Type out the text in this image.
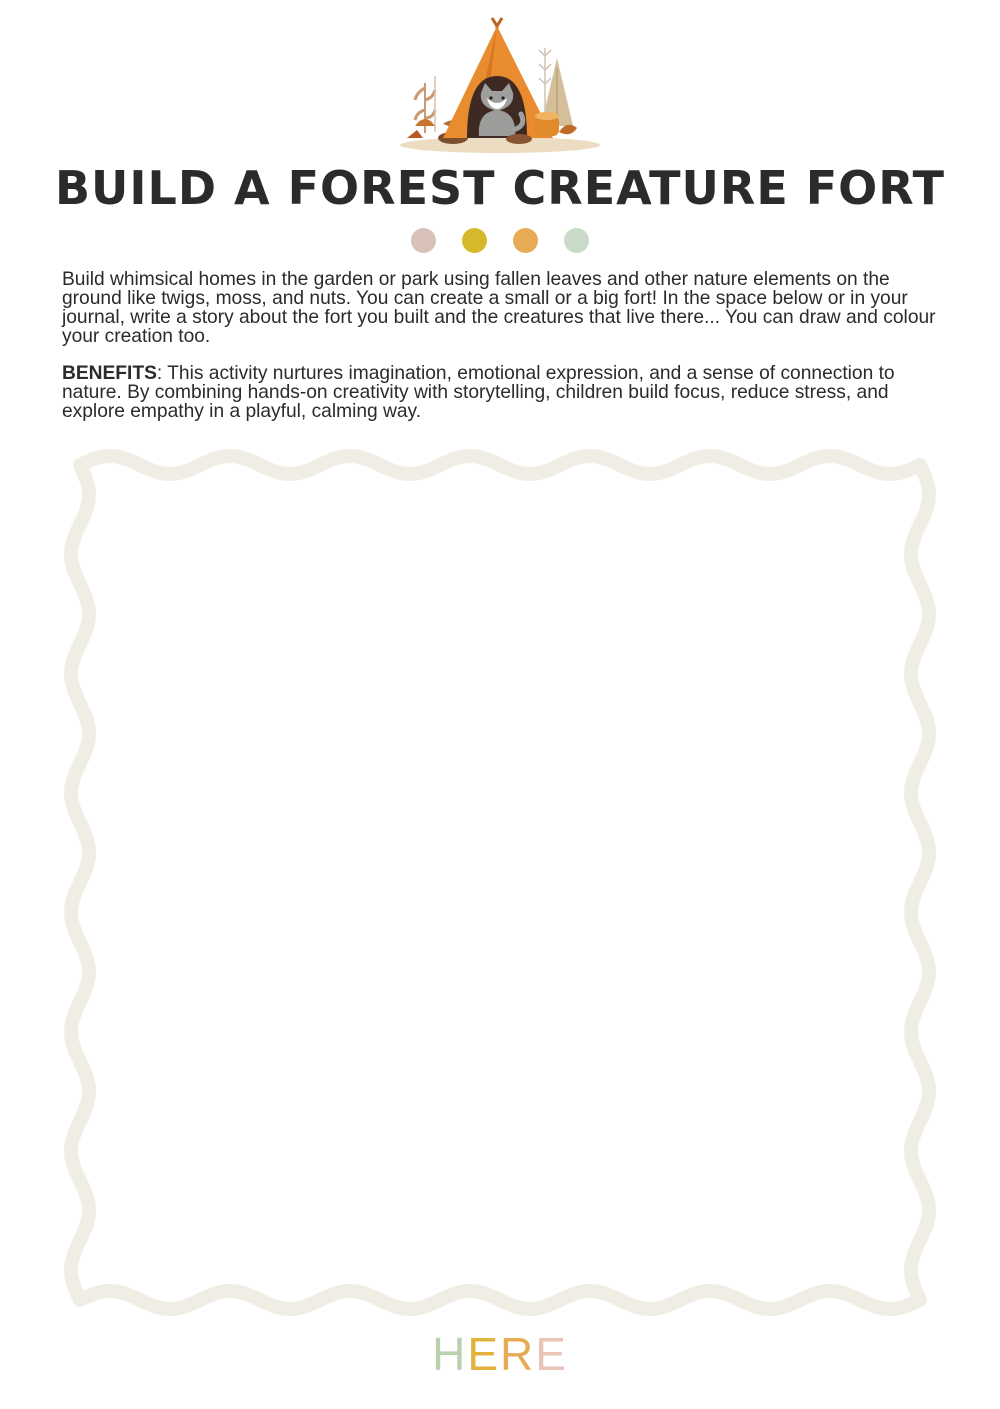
BUILD A FOREST CREATURE FORT

Build whimsical homes in the garden or park using fallen leaves and other nature elements on the ground like twigs, moss, and nuts. You can create a small or a big fort! In the space below or in your journal, write a story about the fort you built and the creatures that live there... You can draw and colour your creation too.

BENEFITS: This activity nurtures imagination, emotional expression, and a sense of connection to nature. By combining hands-on creativity with storytelling, children build focus, reduce stress, and explore empathy in a playful, calming way.

HERE
